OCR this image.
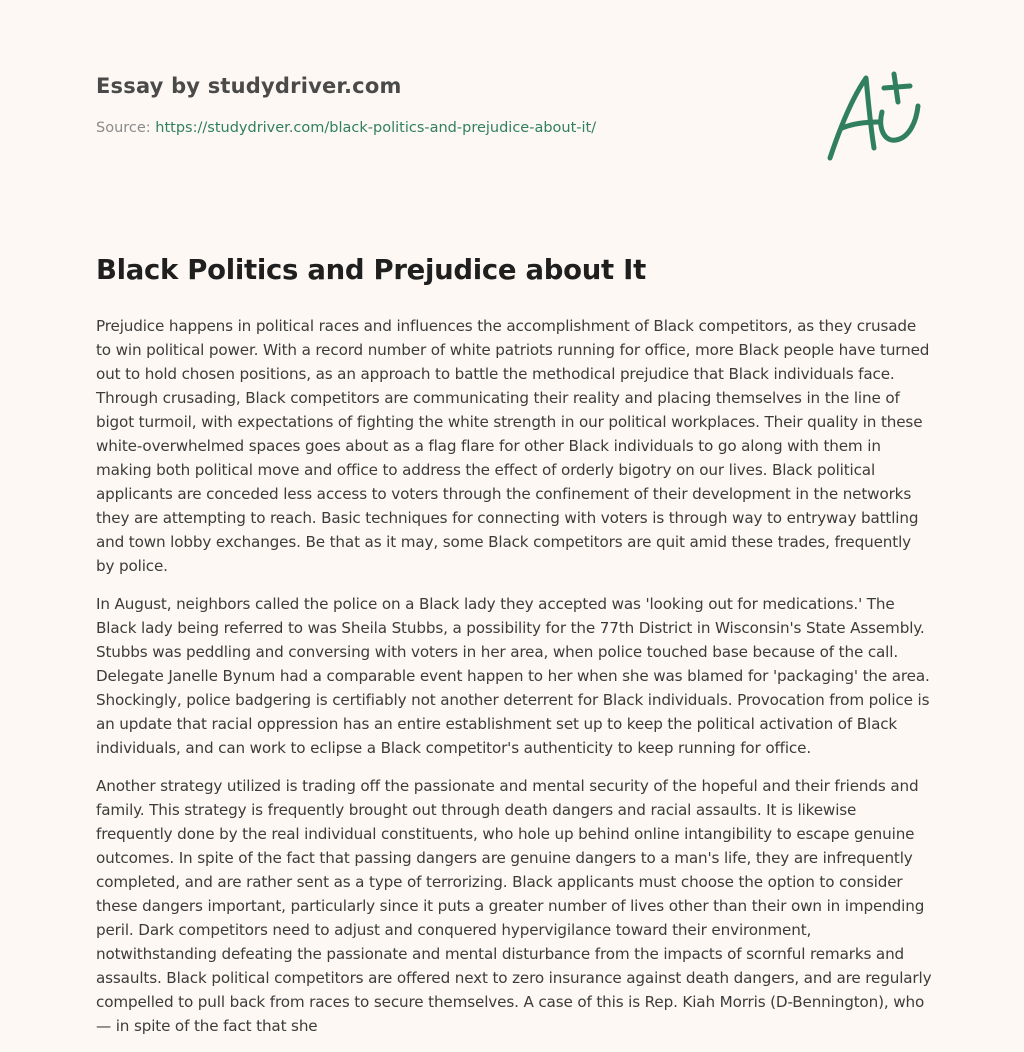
Essay by studydriver.com
Source: https://studydriver.com/black-politics-and-prejudice-about-it/
Black Politics and Prejudice about It

Prejudice happens in political races and influences the accomplishment of Black competitors, as they crusade to win political power. With a record number of white patriots running for office, more Black people have turned out to hold chosen positions, as an approach to battle the methodical prejudice that Black individuals face. Through crusading, Black competitors are communicating their reality and placing themselves in the line of bigot turmoil, with expectations of fighting the white strength in our political workplaces. Their quality in these white-overwhelmed spaces goes about as a flag flare for other Black individuals to go along with them in making both political move and office to address the effect of orderly bigotry on our lives. Black political applicants are conceded less access to voters through the confinement of their development in the networks they are attempting to reach. Basic techniques for connecting with voters is through way to entryway battling and town lobby exchanges. Be that as it may, some Black competitors are quit amid these trades, frequently by police.

In August, neighbors called the police on a Black lady they accepted was 'looking out for medications.' The Black lady being referred to was Sheila Stubbs, a possibility for the 77th District in Wisconsin's State Assembly. Stubbs was peddling and conversing with voters in her area, when police touched base because of the call. Delegate Janelle Bynum had a comparable event happen to her when she was blamed for 'packaging' the area. Shockingly, police badgering is certifiably not another deterrent for Black individuals. Provocation from police is an update that racial oppression has an entire establishment set up to keep the political activation of Black individuals, and can work to eclipse a Black competitor's authenticity to keep running for office.

Another strategy utilized is trading off the passionate and mental security of the hopeful and their friends and family. This strategy is frequently brought out through death dangers and racial assaults. It is likewise frequently done by the real individual constituents, who hole up behind online intangibility to escape genuine outcomes. In spite of the fact that passing dangers are genuine dangers to a man's life, they are infrequently completed, and are rather sent as a type of terrorizing. Black applicants must choose the option to consider these dangers important, particularly since it puts a greater number of lives other than their own in impending peril. Dark competitors need to adjust and conquered hypervigilance toward their environment, notwithstanding defeating the passionate and mental disturbance from the impacts of scornful remarks and assaults. Black political competitors are offered next to zero insurance against death dangers, and are regularly compelled to pull back from races to secure themselves. A case of this is Rep. Kiah Morris (D-Bennington), who — in spite of the fact that she
